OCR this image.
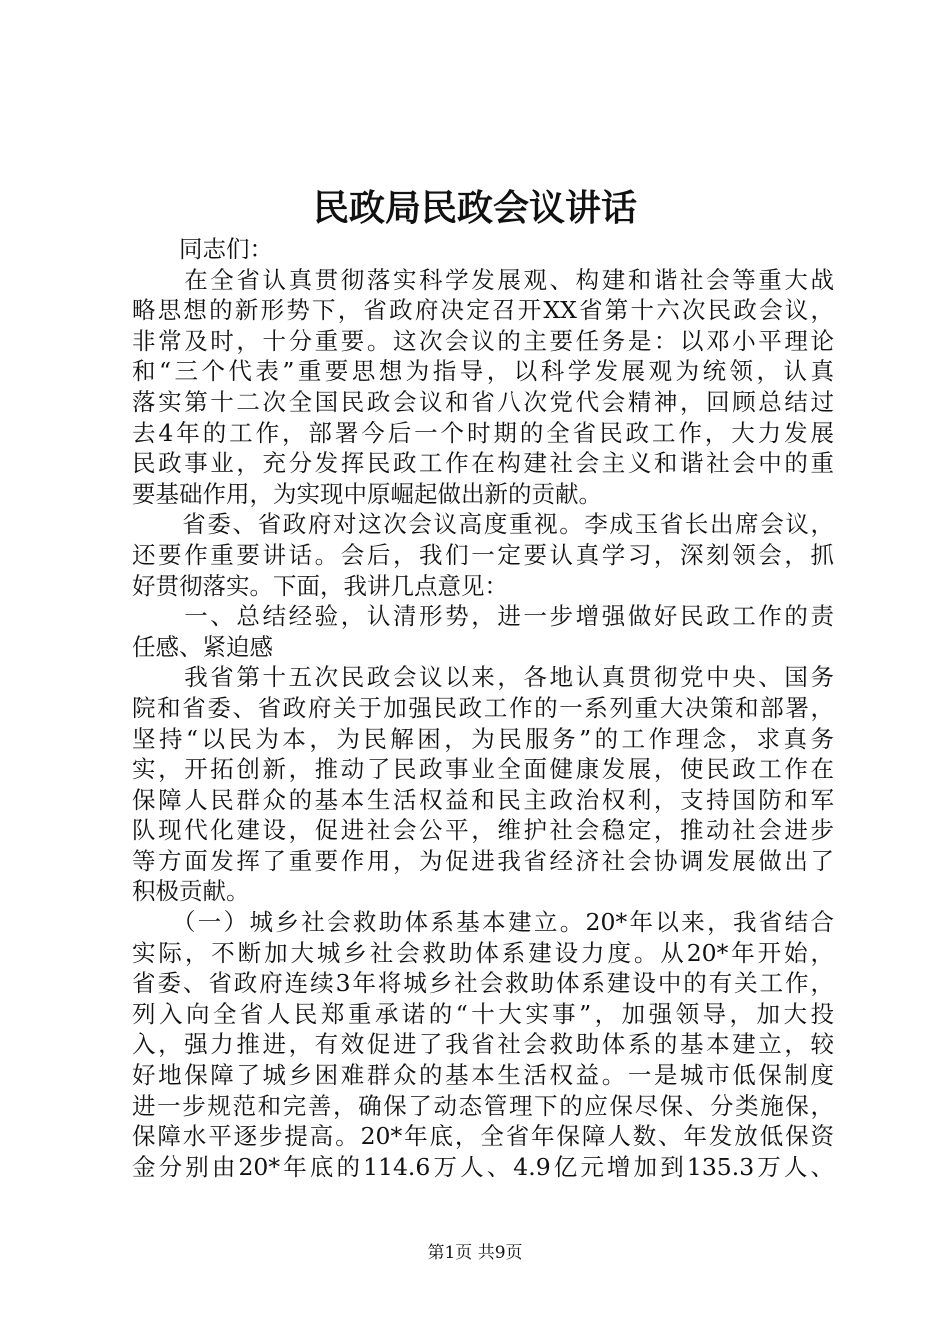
民政局民政会议讲话
　　同志们：
　　在全省认真贯彻落实科学发展观、构建和谐社会等重大战
略思想的新形势下，省政府决定召开XX省第十六次民政会议，
非常及时，十分重要。这次会议的主要任务是：以邓小平理论
和“三个代表”重要思想为指导，以科学发展观为统领，认真
落实第十二次全国民政会议和省八次党代会精神，回顾总结过
去4年的工作，部署今后一个时期的全省民政工作，大力发展
民政事业，充分发挥民政工作在构建社会主义和谐社会中的重
要基础作用，为实现中原崛起做出新的贡献。
　　省委、省政府对这次会议高度重视。李成玉省长出席会议，
还要作重要讲话。会后，我们一定要认真学习，深刻领会，抓
好贯彻落实。下面，我讲几点意见：
　　一、总结经验，认清形势，进一步增强做好民政工作的责
任感、紧迫感
　　我省第十五次民政会议以来，各地认真贯彻党中央、国务
院和省委、省政府关于加强民政工作的一系列重大决策和部署，
坚持“以民为本，为民解困，为民服务”的工作理念，求真务
实，开拓创新，推动了民政事业全面健康发展，使民政工作在
保障人民群众的基本生活权益和民主政治权利，支持国防和军
队现代化建设，促进社会公平，维护社会稳定，推动社会进步
等方面发挥了重要作用，为促进我省经济社会协调发展做出了
积极贡献。
　　（一）城乡社会救助体系基本建立。20*年以来，我省结合
实际，不断加大城乡社会救助体系建设力度。从20*年开始，
省委、省政府连续3年将城乡社会救助体系建设中的有关工作，
列入向全省人民郑重承诺的“十大实事”，加强领导，加大投
入，强力推进，有效促进了我省社会救助体系的基本建立，较
好地保障了城乡困难群众的基本生活权益。一是城市低保制度
进一步规范和完善，确保了动态管理下的应保尽保、分类施保，
保障水平逐步提高。20*年底，全省年保障人数、年发放低保资
金分别由20*年底的114.6万人、4.9亿元增加到135.3万人、
第1页 共9页
